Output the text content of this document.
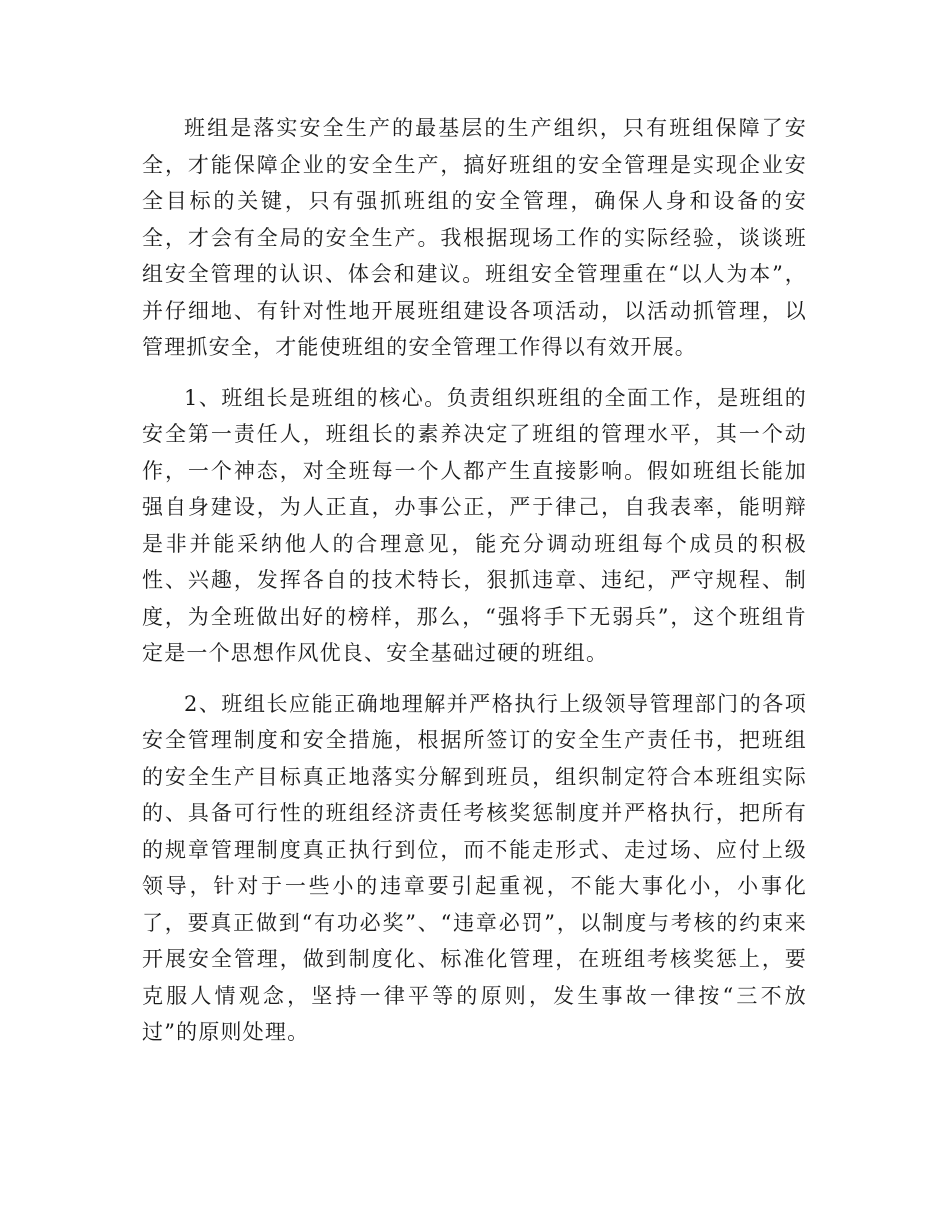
班组是落实安全生产的最基层的生产组织，只有班组保障了安全，才能保障企业的安全生产，搞好班组的安全管理是实现企业安全目标的关键，只有强抓班组的安全管理，确保人身和设备的安全，才会有全局的安全生产。我根据现场工作的实际经验，谈谈班组安全管理的认识、体会和建议。班组安全管理重在“以人为本”，并仔细地、有针对性地开展班组建设各项活动，以活动抓管理，以管理抓安全，才能使班组的安全管理工作得以有效开展。

1、班组长是班组的核心。负责组织班组的全面工作，是班组的安全第一责任人，班组长的素养决定了班组的管理水平，其一个动作，一个神态，对全班每一个人都产生直接影响。假如班组长能加强自身建设，为人正直，办事公正，严于律己，自我表率，能明辩是非并能采纳他人的合理意见，能充分调动班组每个成员的积极性、兴趣，发挥各自的技术特长，狠抓违章、违纪，严守规程、制度，为全班做出好的榜样，那么，“强将手下无弱兵”，这个班组肯定是一个思想作风优良、安全基础过硬的班组。

2、班组长应能正确地理解并严格执行上级领导管理部门的各项安全管理制度和安全措施，根据所签订的安全生产责任书，把班组的安全生产目标真正地落实分解到班员，组织制定符合本班组实际的、具备可行性的班组经济责任考核奖惩制度并严格执行，把所有的规章管理制度真正执行到位，而不能走形式、走过场、应付上级领导，针对于一些小的违章要引起重视，不能大事化小，小事化了，要真正做到“有功必奖”、“违章必罚”，以制度与考核的约束来开展安全管理，做到制度化、标准化管理，在班组考核奖惩上，要克服人情观念，坚持一律平等的原则，发生事故一律按“三不放过”的原则处理。
